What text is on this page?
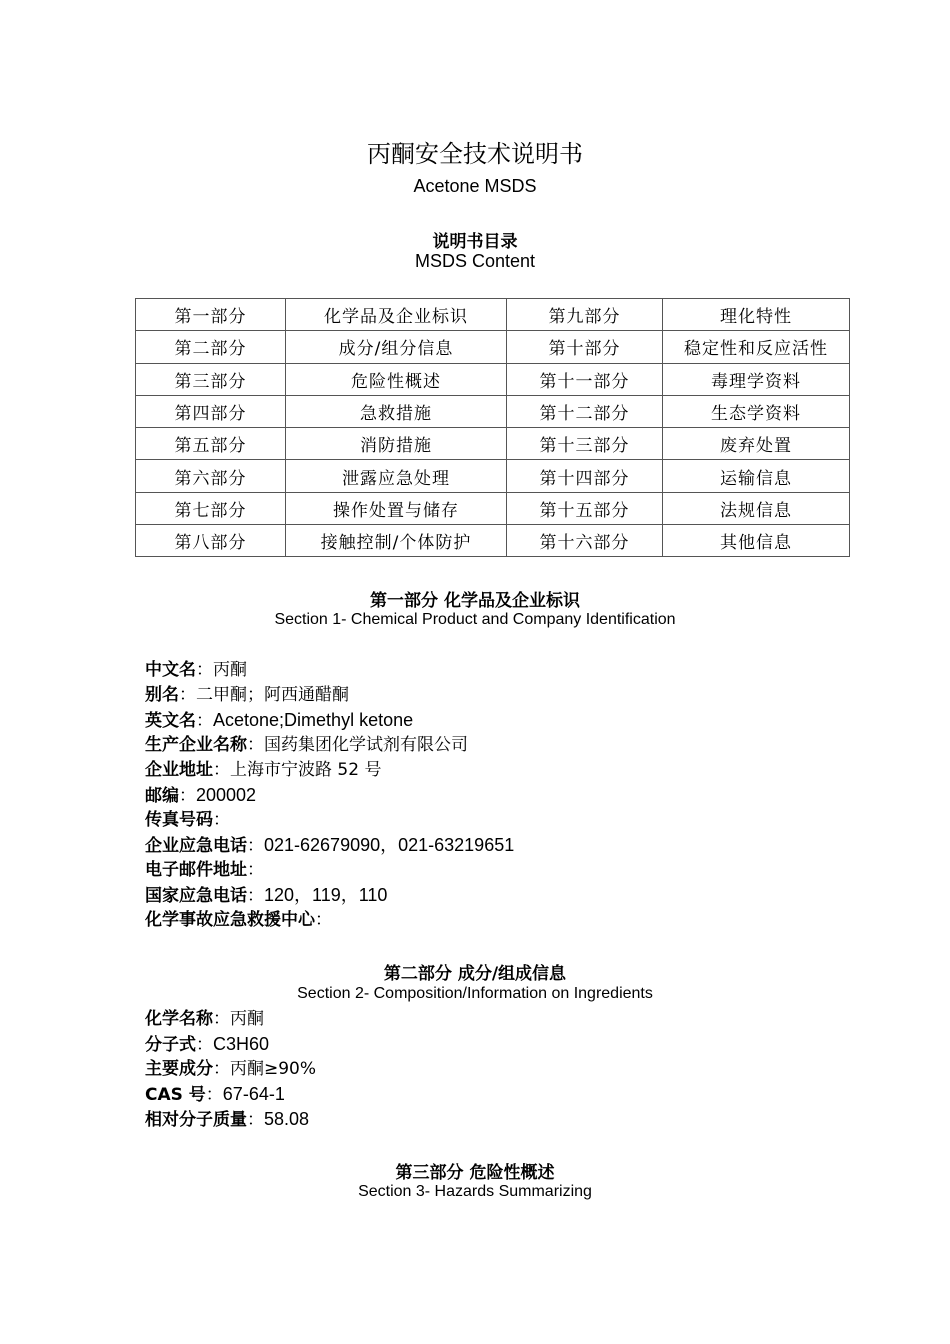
丙酮安全技术说明书
Acetone MSDS
说明书目录
MSDS Content
第一部分	化学品及企业标识	第九部分	理化特性
第二部分	成分/组分信息	第十部分	稳定性和反应活性
第三部分	危险性概述	第十一部分	毒理学资料
第四部分	急救措施	第十二部分	生态学资料
第五部分	消防措施	第十三部分	废弃处置
第六部分	泄露应急处理	第十四部分	运输信息
第七部分	操作处置与储存	第十五部分	法规信息
第八部分	接触控制/个体防护	第十六部分	其他信息
第一部分 化学品及企业标识
Section 1- Chemical Product and Company Identification
中文名：丙酮
别名：二甲酮；阿西通醋酮
英文名：Acetone;Dimethyl ketone
生产企业名称：国药集团化学试剂有限公司
企业地址：上海市宁波路 52 号
邮编：200002
传真号码：
企业应急电话：021-62679090，021-63219651
电子邮件地址：
国家应急电话：120，119，110
化学事故应急救援中心：
第二部分 成分/组成信息
Section 2- Composition/Information on Ingredients
化学名称：丙酮
分子式：C3H60
主要成分：丙酮≥90%
CAS 号：67-64-1
相对分子质量：58.08
第三部分 危险性概述
Section 3- Hazards Summarizing
